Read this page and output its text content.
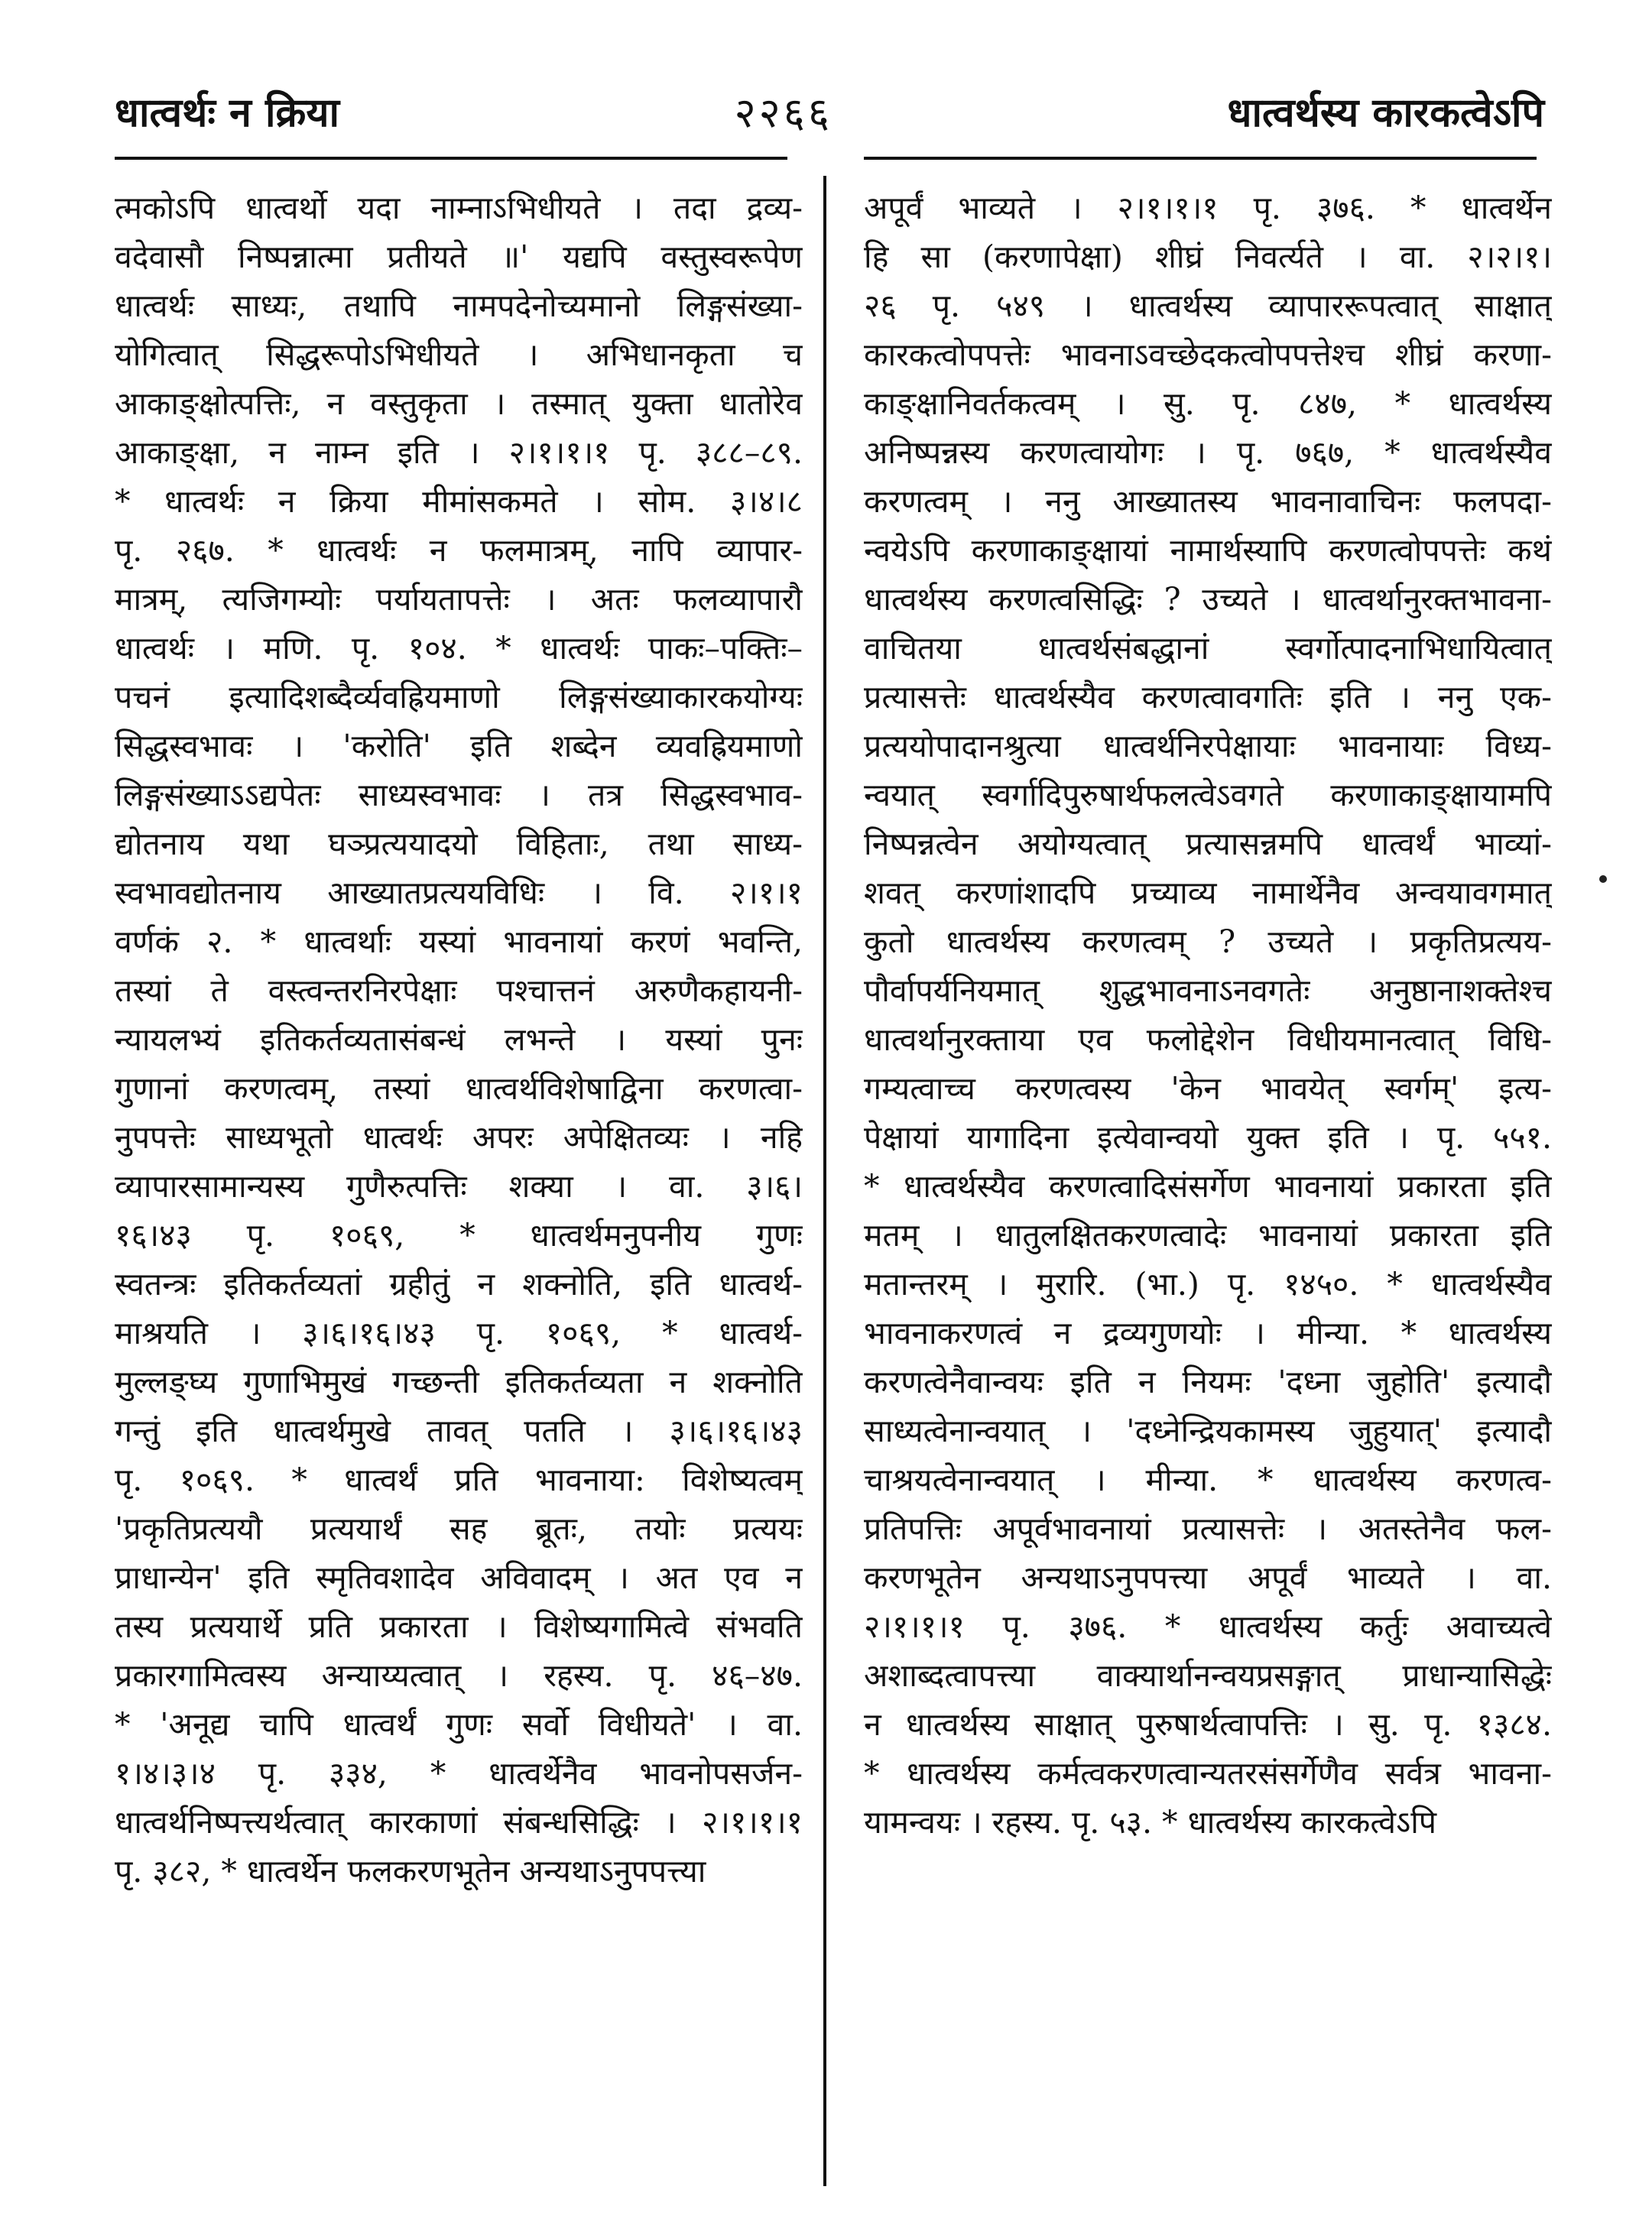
धात्वर्थः न क्रिया	२२६६	धात्वर्थस्य कारकत्वेऽपि
त्मकोऽपि धात्वर्थो यदा नाम्नाऽभिधीयते । तदा द्रव्य-
वदेवासौ निष्पन्नात्मा प्रतीयते ॥' यद्यपि वस्तुस्वरूपेण
धात्वर्थः साध्यः, तथापि नामपदेनोच्यमानो लिङ्गसंख्या-
योगित्वात् सिद्धरूपोऽभिधीयते । अभिधानकृता च
आकाङ्क्षोत्पत्तिः, न वस्तुकृता । तस्मात् युक्ता धातोरेव
आकाङ्क्षा, न नाम्न इति । २।१।१।१ पृ. ३८८–८९.
* धात्वर्थः न क्रिया मीमांसकमते । सोम. ३।४।८
पृ. २६७. * धात्वर्थः न फलमात्रम्, नापि व्यापार-
मात्रम्, त्यजिगम्योः पर्यायतापत्तेः । अतः फलव्यापारौ
धात्वर्थः । मणि. पृ. १०४. * धात्वर्थः पाकः–पक्तिः–
पचनं इत्यादिशब्दैर्व्यवह्रियमाणो लिङ्गसंख्याकारकयोग्यः
सिद्धस्वभावः । 'करोति' इति शब्देन व्यवह्रियमाणो
लिङ्गसंख्याऽऽद्यपेतः साध्यस्वभावः । तत्र सिद्धस्वभाव-
द्योतनाय यथा घञ्प्रत्ययादयो विहिताः, तथा साध्य-
स्वभावद्योतनाय आख्यातप्रत्ययविधिः । वि. २।१।१
वर्णकं २. * धात्वर्थाः यस्यां भावनायां करणं भवन्ति,
तस्यां ते वस्त्वन्तरनिरपेक्षाः पश्चात्तनं अरुणैकहायनी-
न्यायलभ्यं इतिकर्तव्यतासंबन्धं लभन्ते । यस्यां पुनः
गुणानां करणत्वम्, तस्यां धात्वर्थविशेषाद्विना करणत्वा-
नुपपत्तेः साध्यभूतो धात्वर्थः अपरः अपेक्षितव्यः । नहि
व्यापारसामान्यस्य गुणैरुत्पत्तिः शक्या । वा. ३।६।
१६।४३ पृ. १०६९, * धात्वर्थमनुपनीय गुणः
स्वतन्त्रः इतिकर्तव्यतां ग्रहीतुं न शक्नोति, इति धात्वर्थ-
माश्रयति । ३।६।१६।४३ पृ. १०६९, * धात्वर्थ-
मुल्लङ्घ्य गुणाभिमुखं गच्छन्ती इतिकर्तव्यता न शक्नोति
गन्तुं इति धात्वर्थमुखे तावत् पतति । ३।६।१६।४३
पृ. १०६९. * धात्वर्थं प्रति भावनाया: विशेष्यत्वम्
'प्रकृतिप्रत्ययौ प्रत्ययार्थं सह ब्रूतः, तयोः प्रत्ययः
प्राधान्येन' इति स्मृतिवशादेव अविवादम् । अत एव न
तस्य प्रत्ययार्थे प्रति प्रकारता । विशेष्यगामित्वे संभवति
प्रकारगामित्वस्य अन्याय्यत्वात् । रहस्य. पृ. ४६–४७.
* 'अनूद्य चापि धात्वर्थं गुणः सर्वो विधीयते' । वा.
१।४।३।४ पृ. ३३४, * धात्वर्थेनैव भावनोपसर्जन-
धात्वर्थनिष्पत्त्यर्थत्वात् कारकाणां संबन्धसिद्धिः । २।१।१।१
पृ. ३८२, * धात्वर्थेन फलकरणभूतेन अन्यथाऽनुपपत्त्या
अपूर्वं भाव्यते । २।१।१।१ पृ. ३७६. * धात्वर्थेन
हि सा (करणापेक्षा) शीघ्रं निवर्त्यते । वा. २।२।१।
२६ पृ. ५४९ । धात्वर्थस्य व्यापाररूपत्वात् साक्षात्
कारकत्वोपपत्तेः भावनाऽवच्छेदकत्वोपपत्तेश्च शीघ्रं करणा-
काङ्क्षानिवर्तकत्वम् । सु. पृ. ८४७, * धात्वर्थस्य
अनिष्पन्नस्य करणत्वायोगः । पृ. ७६७, * धात्वर्थस्यैव
करणत्वम् । ननु आख्यातस्य भावनावाचिनः फलपदा-
न्वयेऽपि करणाकाङ्क्षायां नामार्थस्यापि करणत्वोपपत्तेः कथं
धात्वर्थस्य करणत्वसिद्धिः ? उच्यते । धात्वर्थानुरक्तभावना-
वाचितया धात्वर्थसंबद्धानां स्वर्गोत्पादनाभिधायित्वात्
प्रत्यासत्तेः धात्वर्थस्यैव करणत्वावगतिः इति । ननु एक-
प्रत्ययोपादानश्रुत्या धात्वर्थनिरपेक्षायाः भावनायाः विध्य-
न्वयात् स्वर्गादिपुरुषार्थफलत्वेऽवगते करणाकाङ्क्षायामपि
निष्पन्नत्वेन अयोग्यत्वात् प्रत्यासन्नमपि धात्वर्थं भाव्यां-
शवत् करणांशादपि प्रच्याव्य नामार्थेनैव अन्वयावगमात्
कुतो धात्वर्थस्य करणत्वम् ? उच्यते । प्रकृतिप्रत्यय-
पौर्वापर्यनियमात् शुद्धभावनाऽनवगतेः अनुष्ठानाशक्तेश्च
धात्वर्थानुरक्ताया एव फलोद्देशेन विधीयमानत्वात् विधि-
गम्यत्वाच्च करणत्वस्य 'केन भावयेत् स्वर्गम्' इत्य-
पेक्षायां यागादिना इत्येवान्वयो युक्त इति । पृ. ५५१.
* धात्वर्थस्यैव करणत्वादिसंसर्गेण भावनायां प्रकारता इति
मतम् । धातुलक्षितकरणत्वादेः भावनायां प्रकारता इति
मतान्तरम् । मुरारि. (भा.) पृ. १४५०. * धात्वर्थस्यैव
भावनाकरणत्वं न द्रव्यगुणयोः । मीन्या. * धात्वर्थस्य
करणत्वेनैवान्वयः इति न नियमः 'दध्ना जुहोति' इत्यादौ
साध्यत्वेनान्वयात् । 'दध्नेन्द्रियकामस्य जुहुयात्' इत्यादौ
चाश्रयत्वेनान्वयात् । मीन्या. * धात्वर्थस्य करणत्व-
प्रतिपत्तिः अपूर्वभावनायां प्रत्यासत्तेः । अतस्तेनैव फल-
करणभूतेन अन्यथाऽनुपपत्त्या अपूर्वं भाव्यते । वा.
२।१।१।१ पृ. ३७६. * धात्वर्थस्य कर्तुः अवाच्यत्वे
अशाब्दत्वापत्त्या वाक्यार्थानन्वयप्रसङ्गात् प्राधान्यासिद्धेः
न धात्वर्थस्य साक्षात् पुरुषार्थत्वापत्तिः । सु. पृ. १३८४.
* धात्वर्थस्य कर्मत्वकरणत्वान्यतरसंसर्गेणैव सर्वत्र भावना-
यामन्वयः । रहस्य. पृ. ५३. * धात्वर्थस्य कारकत्वेऽपि
